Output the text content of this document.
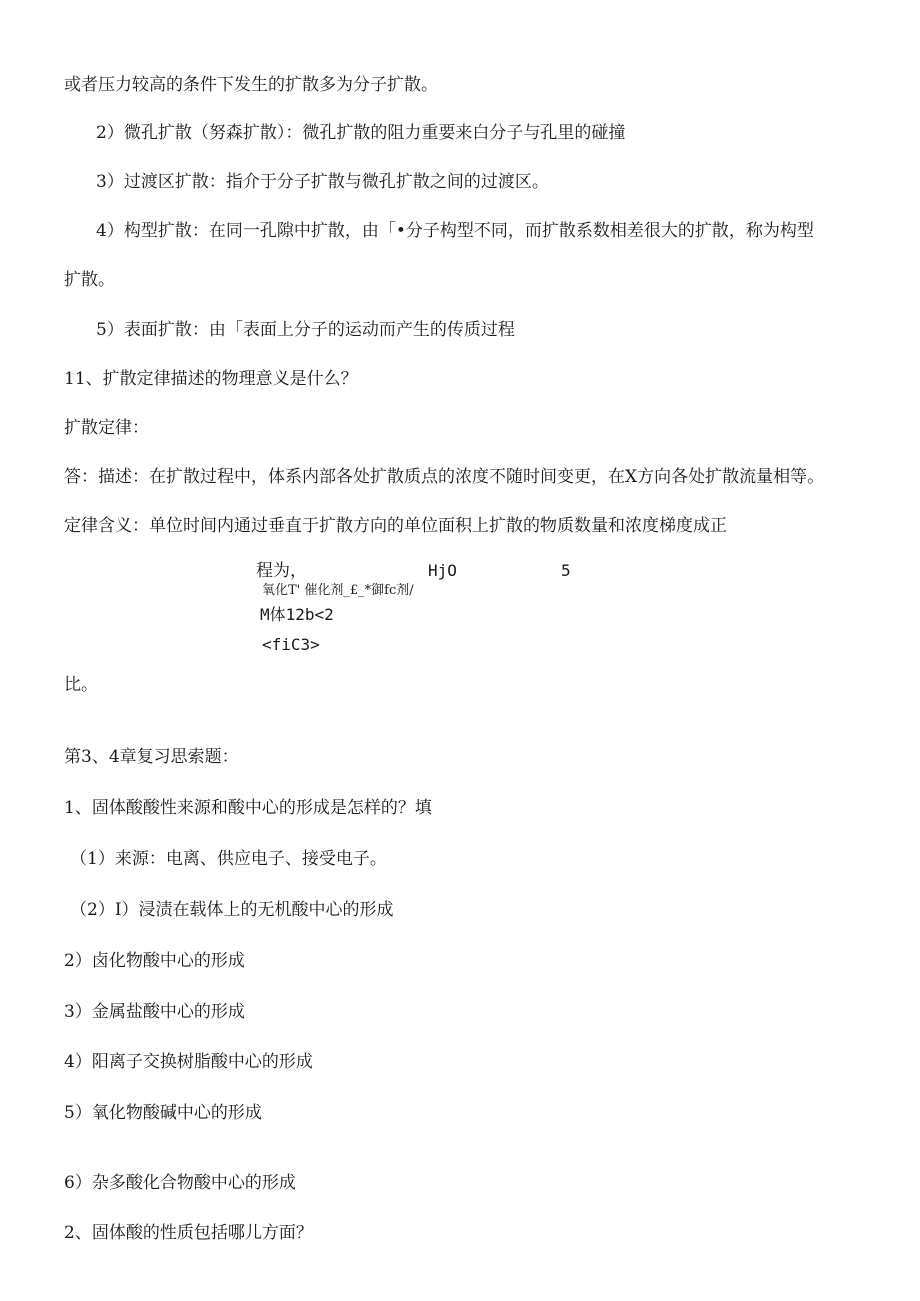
或者压力较高的条件下发生的扩散多为分子扩散。
2）微孔扩散（努森扩散）：微孔扩散的阻力重要来白分子与孔里的碰撞
3）过渡区扩散：指介于分子扩散与微孔扩散之间的过渡区。
4）构型扩散：在同一孔隙中扩散，由「•分子构型不同，而扩散系数相差很大的扩散，称为构型
扩散。
5）表面扩散：由「表面上分子的运动而产生的传质过程
11、扩散定律描述的物理意义是什么？
扩散定律：
答：描述：在扩散过程中，体系内部各处扩散质点的浓度不随时间变更，在X方向各处扩散流量相等。
定律含义：单位时间内通过垂直于扩散方向的单位面积上扩散的物质数量和浓度梯度成正
程为，	HjO	5
氧化T' 催化剂_£_*御fc剂/
M体12b<2
<fiC3>
比。
第3、4章复习思索题：
1、固体酸酸性来源和酸中心的形成是怎样的？填
（1）来源：电离、供应电子、接受电子。
（2）I）浸渍在载体上的无机酸中心的形成
2）卤化物酸中心的形成
3）金属盐酸中心的形成
4）阳离子交换树脂酸中心的形成
5）氧化物酸碱中心的形成
6）杂多酸化合物酸中心的形成
2、固体酸的性质包括哪儿方面？
